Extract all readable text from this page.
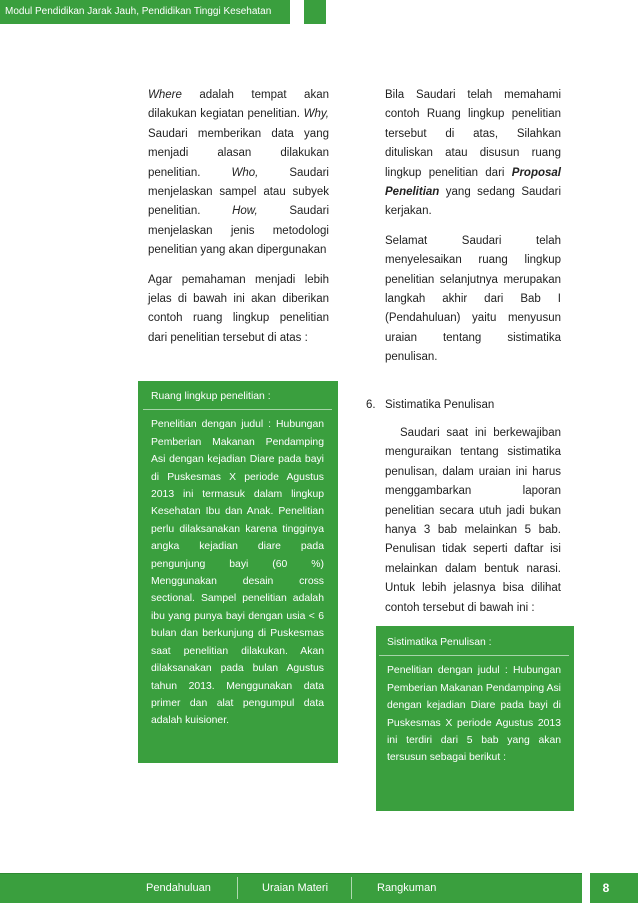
Modul Pendidikan Jarak Jauh, Pendidikan Tinggi Kesehatan

Where adalah tempat akan dilakukan kegiatan penelitian. Why, Saudari memberikan data yang menjadi alasan dilakukan penelitian. Who, Saudari menjelaskan sampel atau subyek penelitian. How, Saudari menjelaskan jenis metodologi penelitian yang akan dipergunakan

Agar pemahaman menjadi lebih jelas di bawah ini akan diberikan contoh ruang lingkup penelitian dari penelitian tersebut di atas :

Ruang lingkup penelitian :

Penelitian dengan judul : Hubungan Pemberian Makanan Pendamping Asi dengan kejadian Diare pada bayi di Puskesmas X periode Agustus 2013 ini termasuk dalam lingkup Kesehatan Ibu dan Anak. Penelitian perlu dilaksanakan karena tingginya angka kejadian diare pada pengunjung bayi (60 %) Menggunakan desain cross sectional. Sampel penelitian adalah ibu yang punya bayi dengan usia < 6 bulan dan berkunjung di Puskesmas saat penelitian dilakukan. Akan dilaksanakan pada bulan Agustus tahun 2013. Menggunakan data primer dan alat pengumpul data adalah kuisioner.

Bila Saudari telah memahami contoh Ruang lingkup penelitian tersebut di atas, Silahkan dituliskan atau disusun ruang lingkup penelitian dari Proposal Penelitian yang sedang Saudari kerjakan.

Selamat Saudari telah menyelesaikan ruang lingkup penelitian selanjutnya merupakan langkah akhir dari Bab I (Pendahuluan) yaitu menyusun uraian tentang sistimatika penulisan.

6. Sistimatika Penulisan

Saudari saat ini berkewajiban menguraikan tentang sistimatika penulisan, dalam uraian ini harus menggambarkan laporan penelitian secara utuh jadi bukan hanya 3 bab melainkan 5 bab. Penulisan tidak seperti daftar isi melainkan dalam bentuk narasi. Untuk lebih jelasnya bisa dilihat contoh tersebut di bawah ini :

Sistimatika Penulisan :

Penelitian dengan judul : Hubungan Pemberian Makanan Pendamping Asi dengan kejadian Diare pada bayi di Puskesmas X periode Agustus 2013 ini terdiri dari 5 bab yang akan tersusun sebagai berikut :

Pendahuluan	Uraian Materi	Rangkuman	8
